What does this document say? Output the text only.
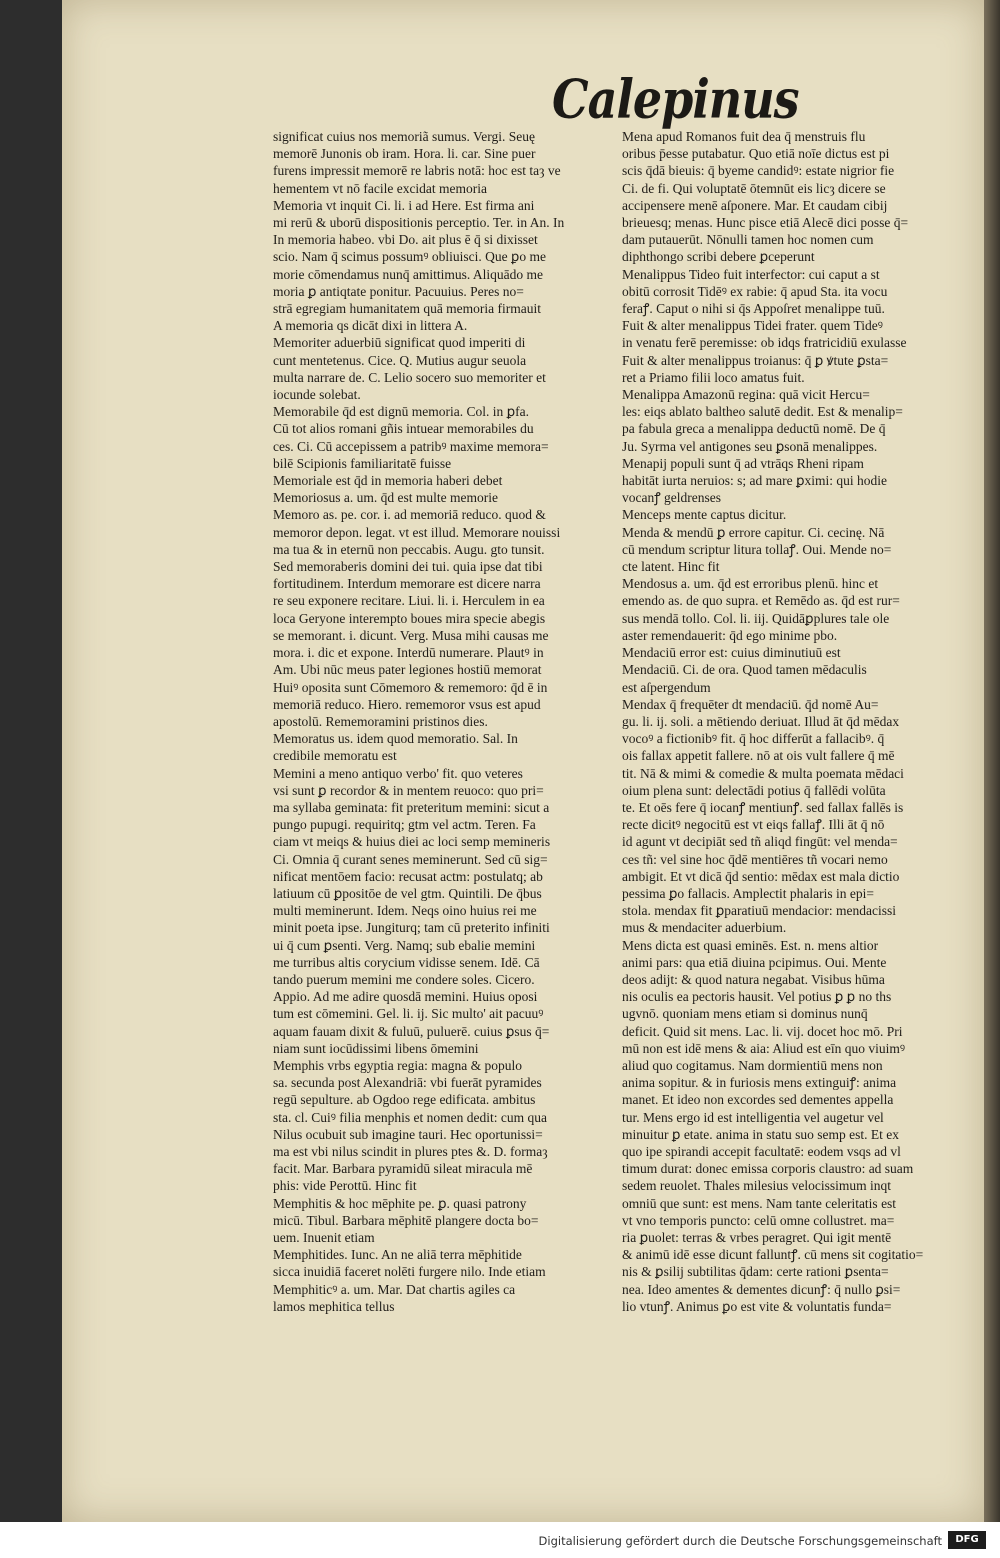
Calepinus
significat cuius nos memoriã sumus. Vergi. Seuę
memorē Junonis ob iram. Hora. li. car. Sine puer
furens impressit memorē re labris notā: hoc est taȝ ve
hementem vt nō facile excidat memoria
Memoria vt inquit Ci. li. i ad Here. Est firma ani
mi rerū & uborū dispositionis perceptio. Ter. in An. In
In memoria habeo. vbi Do. ait plus ē q̄ si dixisset
scio. Nam q̄ scimus possumꝰ obliuisci. Que ꝑo me
morie cōmendamus nunq̄ amittimus. Aliquādo me
moria ꝑ antiqtate ponitur. Pacuuius. Peres no=
strā egregiam humanitatem quā memoria firmauit
A memoria qs dicāt dixi in littera A.
Memoriter aduerbiū significat quod imperiti di
cunt mentetenus. Cice. Q. Mutius augur seuola
multa narrare de. C. Lelio socero suo memoriter et
iocunde solebat.
Memorabile q̄d est dignū memoria. Col. in ꝑfa.
Cū tot alios romani gñis intuear memorabiles du
ces. Ci. Cū accepissem a patribꝰ maxime memora=
bilē Scipionis familiaritatē fuisse
Memoriale est q̄d in memoria haberi debet
Memoriosus a. um. q̄d est multe memorie
Memoro as. pe. cor. i. ad memoriā reduco. quod &
memoror depon. legat. vt est illud. Memorare nouissi
ma tua & in eternū non peccabis. Augu. gto tunsit.
Sed memoraberis domini dei tui. quia ipse dat tibi
fortitudinem. Interdum memorare est dicere narra
re seu exponere recitare. Liui. li. i. Herculem in ea
loca Geryone interempto boues mira specie abegis
se memorant. i. dicunt. Verg. Musa mihi causas me
mora. i. dic et expone. Interdū numerare. Plautꝰ in
Am. Ubi nūc meus pater legiones hostiū memorat
Huiꝰ oposita sunt Cōmemoro & rememoro: q̄d ē in
memoriā reduco. Hiero. rememoror vsus est apud
apostolū. Rememoramini pristinos dies.
Memoratus us. idem quod memoratio. Sal. In
credibile memoratu est
Memini a meno antiquo verbo' fit. quo veteres
vsi sunt ꝑ recordor & in mentem reuoco: quo pri=
ma syllaba geminata: fit preteritum memini: sicut a
pungo pupugi. requiritq; gtm vel actm. Teren. Fa
ciam vt meiqs & huius diei ac loci semp memineris
Ci. Omnia q̄ curant senes meminerunt. Sed cū sig=
nificat mentōem facio: recusat actm: postulatq; ab
latiuum cū ꝑpositōe de vel gtm. Quintili. De q̄bus
multi meminerunt. Idem. Neqs oino huius rei me
minit poeta ipse. Jungiturq; tam cū preterito infiniti
ui q̄ cum ꝑsenti. Verg. Namq; sub ebalie memini
me turribus altis corycium vidisse senem. Idē. Cā
tando puerum memini me condere soles. Cicero.
Appio. Ad me adire quosdā memini. Huius oposi
tum est cōmemini. Gel. li. ij. Sic multo' ait pacuuꝰ
aquam fauam dixit & fuluū, puluerē. cuius ꝑsus q̄=
niam sunt iocūdissimi libens ōmemini
Memphis vrbs egyptia regia: magna & populo
sa. secunda post Alexandriā: vbi fuerāt pyramides
regū sepulture. ab Ogdoo rege edificata. ambitus
sta. cl. Cuiꝰ filia menphis et nomen dedit: cum qua
Nilus ocubuit sub imagine tauri. Hec oportunissi=
ma est vbi nilus scindit in plures ptes &. D. formaȝ
facit. Mar. Barbara pyramidū sileat miracula mē
phis: vide Perottū. Hinc fit
Memphitis & hoc mēphite pe. ꝑ. quasi patrony
micū. Tibul. Barbara mēphitē plangere docta bo=
uem. Inuenit etiam
Memphitides. Iunc. An ne aliā terra mēphitide
sicca inuidiā faceret nolēti furgere nilo. Inde etiam
Memphiticꝰ a. um. Mar. Dat chartis agiles ca
lamos mephitica tellus
Mena apud Romanos fuit dea q̄ menstruis flu
oribus p̄esse putabatur. Quo etiā noīe dictus est pi
scis q̄dā bieuis: q̄ byeme candidꝰ: estate nigrior fie
Ci. de fi. Qui voluptatē ōtemnūt eis licȝ dicere se
accipensere menē aſponere. Mar. Et caudam cibij
brieuesq; menas. Hunc pisce etiā Alecē dici posse q̄=
dam putauerūt. Nōnulli tamen hoc nomen cum
diphthongo scribi debere ꝑceperunt
Menalippus Tideo fuit interfector: cui caput a st
obitū corrosit Tidēꝰ ex rabie: q̄ apud Sta. ita vocu
feraꝭ. Caput o nihi si q̄s Appoſret menalippe tuū.
Fuit & alter menalippus Tidei frater. quem Tideꝰ
in venatu ferē peremisse: ob idqs fratricidiū exulasse
Fuit & alter menalippus troianus: q̄ ꝑ ꝟtute ꝑsta=
ret a Priamo filii loco amatus fuit.
Menalippa Amazonū regina: quā vicit Hercu=
les: eiqs ablato baltheo salutē dedit. Est & menalip=
pa fabula greca a menalippa deductū nomē. De q̄
Ju. Syrma vel antigones seu ꝑsonā menalippes.
Menapij populi sunt q̄ ad vtrāqs Rheni ripam
habitāt iurta neruios: s; ad mare ꝑximi: qui hodie
vocanꝭ geldrenses
Menceps mente captus dicitur.
Menda & mendū ꝑ errore capitur. Ci. cecinę. Nā
cū mendum scriptur litura tollaꝭ. Oui. Mende no=
cte latent. Hinc fit
Mendosus a. um. q̄d est erroribus plenū. hinc et
emendo as. de quo supra. et Remēdo as. q̄d est rur=
sus mendā tollo. Col. li. iij. Quidāꝑplures tale ole
aster remendauerit: q̄d ego minime pbo.
Mendaciū error est: cuius diminutiuū est
Mendaciū. Ci. de ora. Quod tamen mēdaculis
est aſpergendum
Mendax q̄ frequēter dt mendaciū. q̄d nomē Au=
gu. li. ij. soli. a mētiendo deriuat. Illud āt q̄d mēdax
vocoꝰ a fictionibꝰ fit. q̄ hoc differūt a fallacibꝰ. q̄
ois fallax appetit fallere. nō at ois vult fallere q̄ mē
tit. Nā & mimi & comedie & multa poemata mēdaci
oium plena sunt: delectādi potius q̄ fallēdi volūta
te. Et oēs fere q̄ iocanꝭ mentiunꝭ. sed fallax fallēs is
recte dicitꝰ negocitū est vt eiqs fallaꝭ. Illi āt q̄ nō
id agunt vt decipiāt sed tñ aliqd fingūt: vel menda=
ces tñ: vel sine hoc q̄dē mentiēres tñ vocari nemo
ambigit. Et vt dicā q̄d sentio: mēdax est mala dictio
pessima ꝑo fallacis. Amplectit phalaris in epi=
stola. mendax fit ꝑparatiuū mendacior: mendacissi
mus & mendaciter aduerbium.
Mens dicta est quasi eminēs. Est. n. mens altior
animi pars: qua etiā diuina pcipimus. Oui. Mente
deos adijt: & quod natura negabat. Visibus hūma
nis oculis ea pectoris hausit. Vel potius ꝑ ꝑ no ths
ugvnō. quoniam mens etiam si dominus nunq̄
deficit. Quid sit mens. Lac. li. vij. docet hoc mō. Pri
mū non est idē mens & aia: Aliud est eīn quo viuimꝰ
aliud quo cogitamus. Nam dormientiū mens non
anima sopitur. & in furiosis mens extinguiꝭ: anima
manet. Et ideo non excordes sed dementes appella
tur. Mens ergo id est intelligentia vel augetur vel
minuitur ꝑ etate. anima in statu suo semp est. Et ex
quo ipe spirandi accepit facultatē: eodem vsqs ad vl
timum durat: donec emissa corporis claustro: ad suam
sedem reuolet. Thales milesius velocissimum inqt
omniū que sunt: est mens. Nam tante celeritatis est
vt vno temporis puncto: celū omne collustret. ma=
ria ꝑuolet: terras & vrbes peragret. Qui igit mentē
& animū idē esse dicunt falluntꝭ. cū mens sit cogitatio=
nis & ꝑsilij subtilitas q̄dam: certe rationi ꝑsenta=
nea. Ideo amentes & dementes dicunꝭ: q̄ nullo ꝑsi=
lio vtunꝭ. Animus ꝑo est vite & voluntatis funda=
Digitalisierung gefördert durch die Deutsche Forschungsgemeinschaft	DFG
